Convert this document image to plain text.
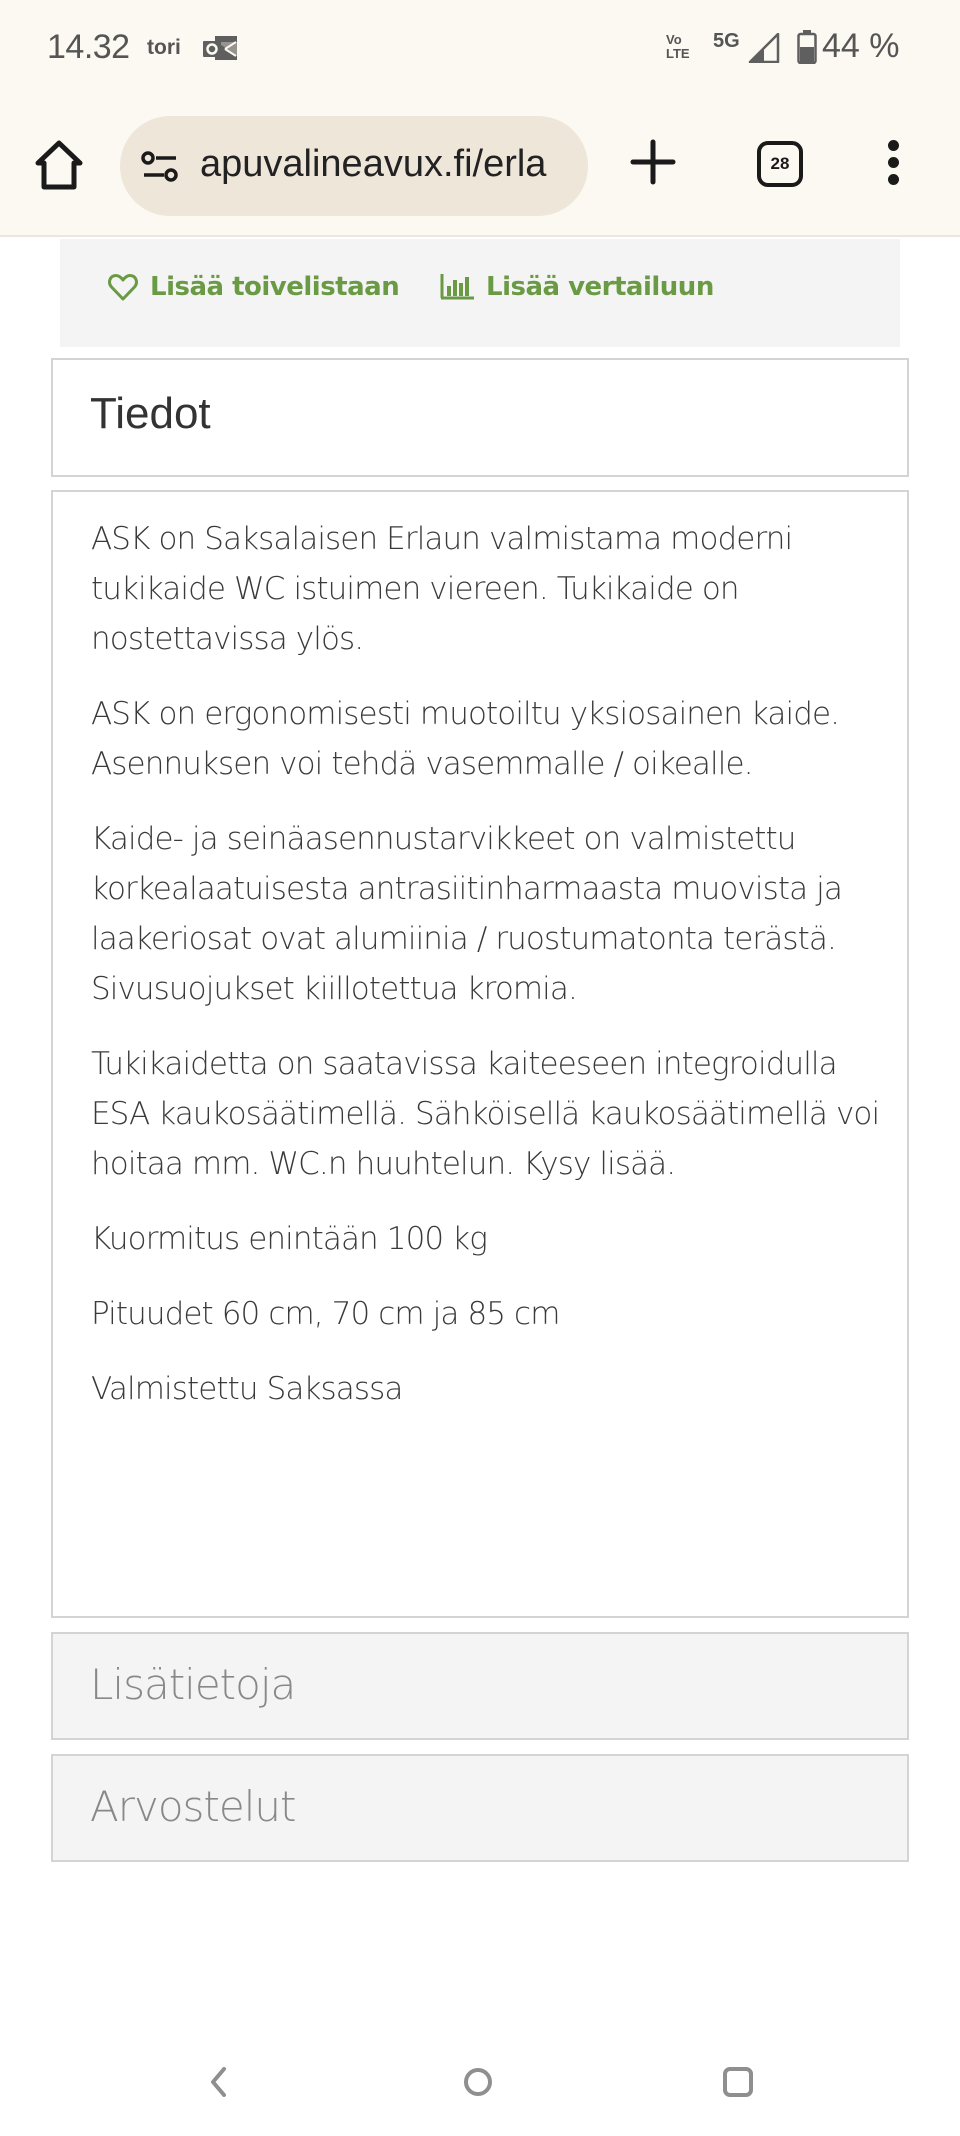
14.32 tori	Vo
LTE
5G 44 %
apuvalineavux.fi/erla	28
Lisää toivelistaan	Lisää vertailuun
Tiedot

ASK on Saksalaisen Erlaun valmistama moderni tukikaide WC istuimen viereen. Tukikaide on nostettavissa ylös.

ASK on ergonomisesti muotoiltu yksiosainen kaide. Asennuksen voi tehdä vasemmalle / oikealle.

Kaide- ja seinäasennustarvikkeet on valmistettu korkealaatuisesta antrasiitinharmaasta muovista ja laakeriosat ovat alumiinia / ruostumatonta terästä. Sivusuojukset kiillotettua kromia.

Tukikaidetta on saatavissa kaiteeseen integroidulla ESA kaukosäätimellä. Sähköisellä kaukosäätimellä voi hoitaa mm. WC.n huuhtelun. Kysy lisää.

Kuormitus enintään 100 kg

Pituudet 60 cm, 70 cm ja 85 cm

Valmistettu Saksassa

Lisätietoja
Arvostelut
